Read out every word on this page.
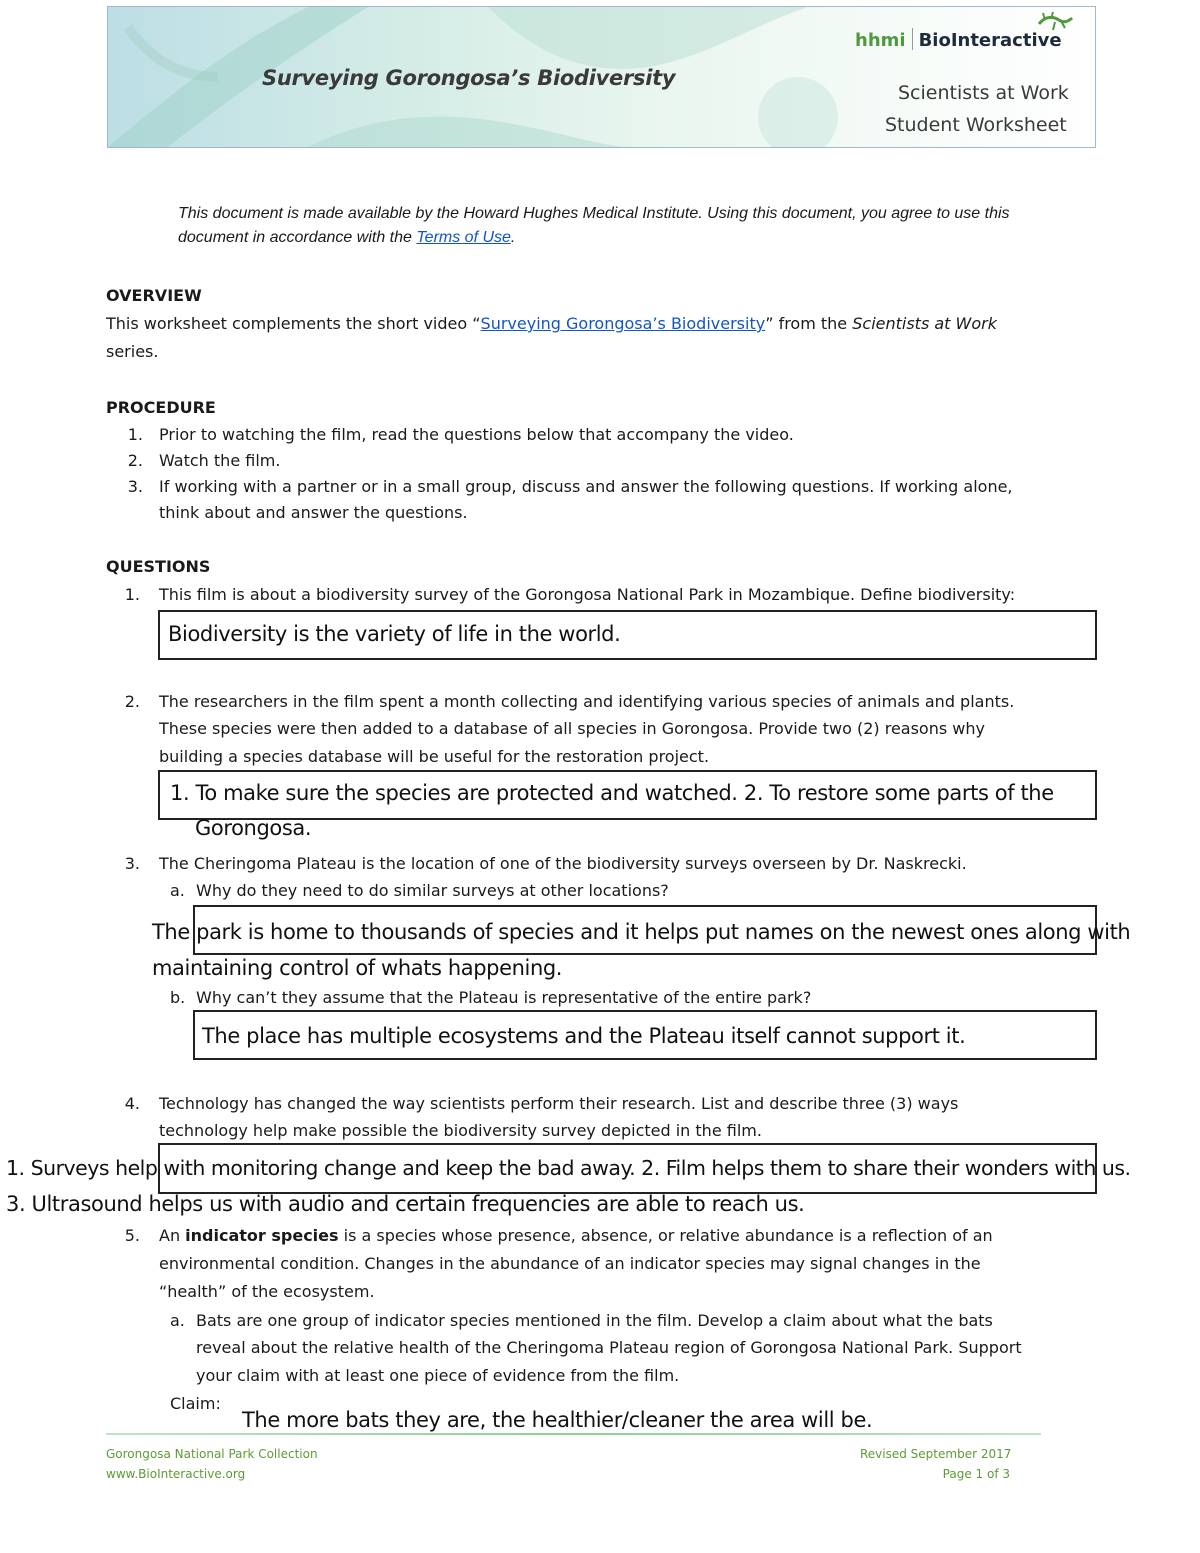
Surveying Gorongosa’s Biodiversity
hhmi BioInteractive
Scientists at Work
Student Worksheet
This document is made available by the Howard Hughes Medical Institute. Using this document, you agree to use this
document in accordance with the Terms of Use.
OVERVIEW
This worksheet complements the short video “Surveying Gorongosa’s Biodiversity” from the Scientists at Work
series.
PROCEDURE
1. Prior to watching the film, read the questions below that accompany the video.
2. Watch the film.
3. If working with a partner or in a small group, discuss and answer the following questions. If working alone,
think about and answer the questions.
QUESTIONS
1. This film is about a biodiversity survey of the Gorongosa National Park in Mozambique. Define biodiversity:
Biodiversity is the variety of life in the world.
2. The researchers in the film spent a month collecting and identifying various species of animals and plants.
These species were then added to a database of all species in Gorongosa. Provide two (2) reasons why
building a species database will be useful for the restoration project.
1. To make sure the species are protected and watched. 2. To restore some parts of the
Gorongosa.
3. The Cheringoma Plateau is the location of one of the biodiversity surveys overseen by Dr. Naskrecki.
a. Why do they need to do similar surveys at other locations?
The park is home to thousands of species and it helps put names on the newest ones along with
maintaining control of whats happening.
b. Why can’t they assume that the Plateau is representative of the entire park?
The place has multiple ecosystems and the Plateau itself cannot support it.
4. Technology has changed the way scientists perform their research. List and describe three (3) ways
technology help make possible the biodiversity survey depicted in the film.
1. Surveys help with monitoring change and keep the bad away. 2. Film helps them to share their wonders with us.
3. Ultrasound helps us with audio and certain frequencies are able to reach us.
5. An indicator species is a species whose presence, absence, or relative abundance is a reflection of an
environmental condition. Changes in the abundance of an indicator species may signal changes in the
“health” of the ecosystem.
a. Bats are one group of indicator species mentioned in the film. Develop a claim about what the bats
reveal about the relative health of the Cheringoma Plateau region of Gorongosa National Park. Support
your claim with at least one piece of evidence from the film.
Claim:
The more bats they are, the healthier/cleaner the area will be.
Gorongosa National Park Collection
www.BioInteractive.org
Revised September 2017
Page 1 of 3
